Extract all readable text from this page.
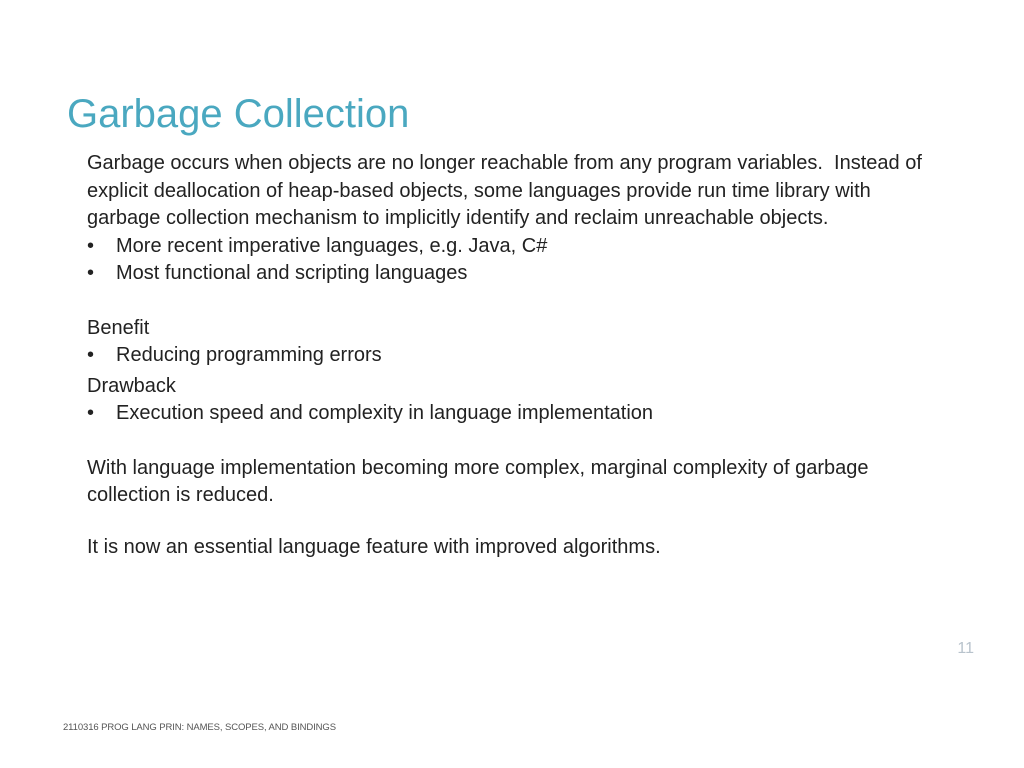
Garbage Collection

Garbage occurs when objects are no longer reachable from any program variables.  Instead of explicit deallocation of heap-based objects, some languages provide run time library with garbage collection mechanism to implicitly identify and reclaim unreachable objects.

• More recent imperative languages, e.g. Java, C#
• Most functional and scripting languages

Benefit

• Reducing programming errors

Drawback

• Execution speed and complexity in language implementation

With language implementation becoming more complex, marginal complexity of garbage  collection is reduced.

It is now an essential language feature with improved algorithms.

11
2110316 PROG LANG PRIN: NAMES, SCOPES, AND BINDINGS
